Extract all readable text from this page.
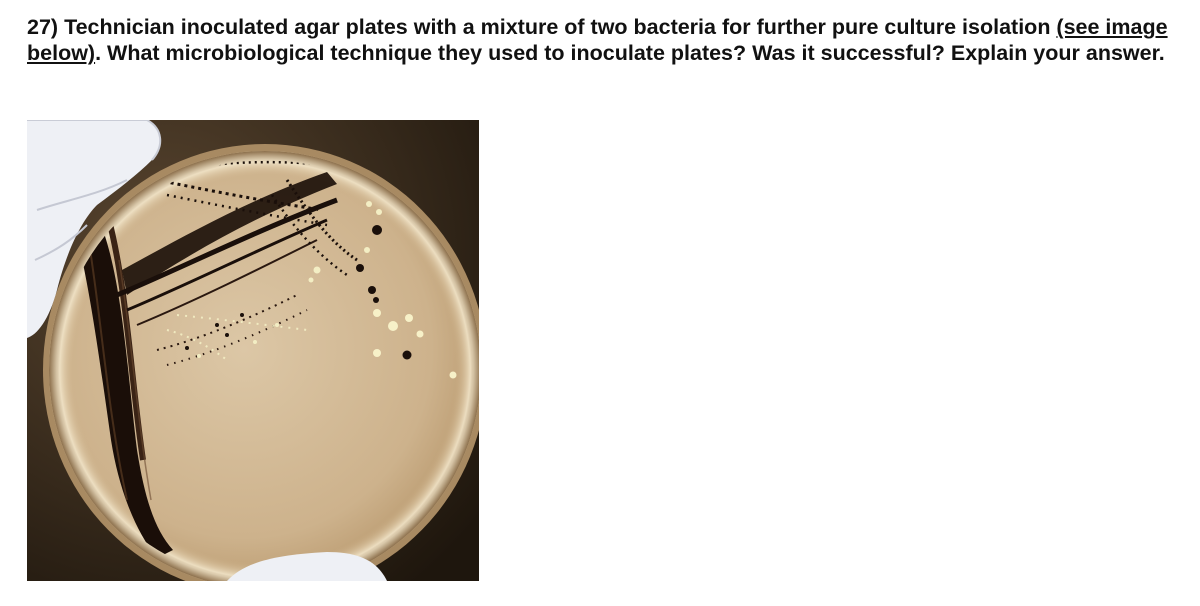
27) Technician inoculated agar plates with a mixture of two bacteria for further pure culture isolation (see image below). What microbiological technique they used to inoculate plates? Was it successful? Explain your answer.
